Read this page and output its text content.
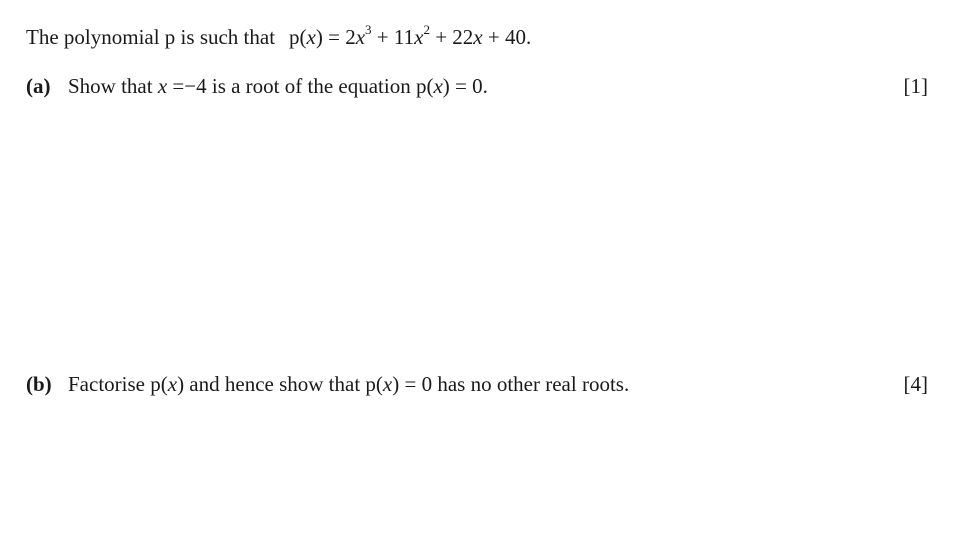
The polynomial p is such that $p(x) = 2x^3 + 11x^2 + 22x + 40$.
(a) Show that x =−4 is a root of the equation p(x) = 0.	[1]
(b) Factorise p(x) and hence show that p(x) = 0 has no other real roots.	[4]
